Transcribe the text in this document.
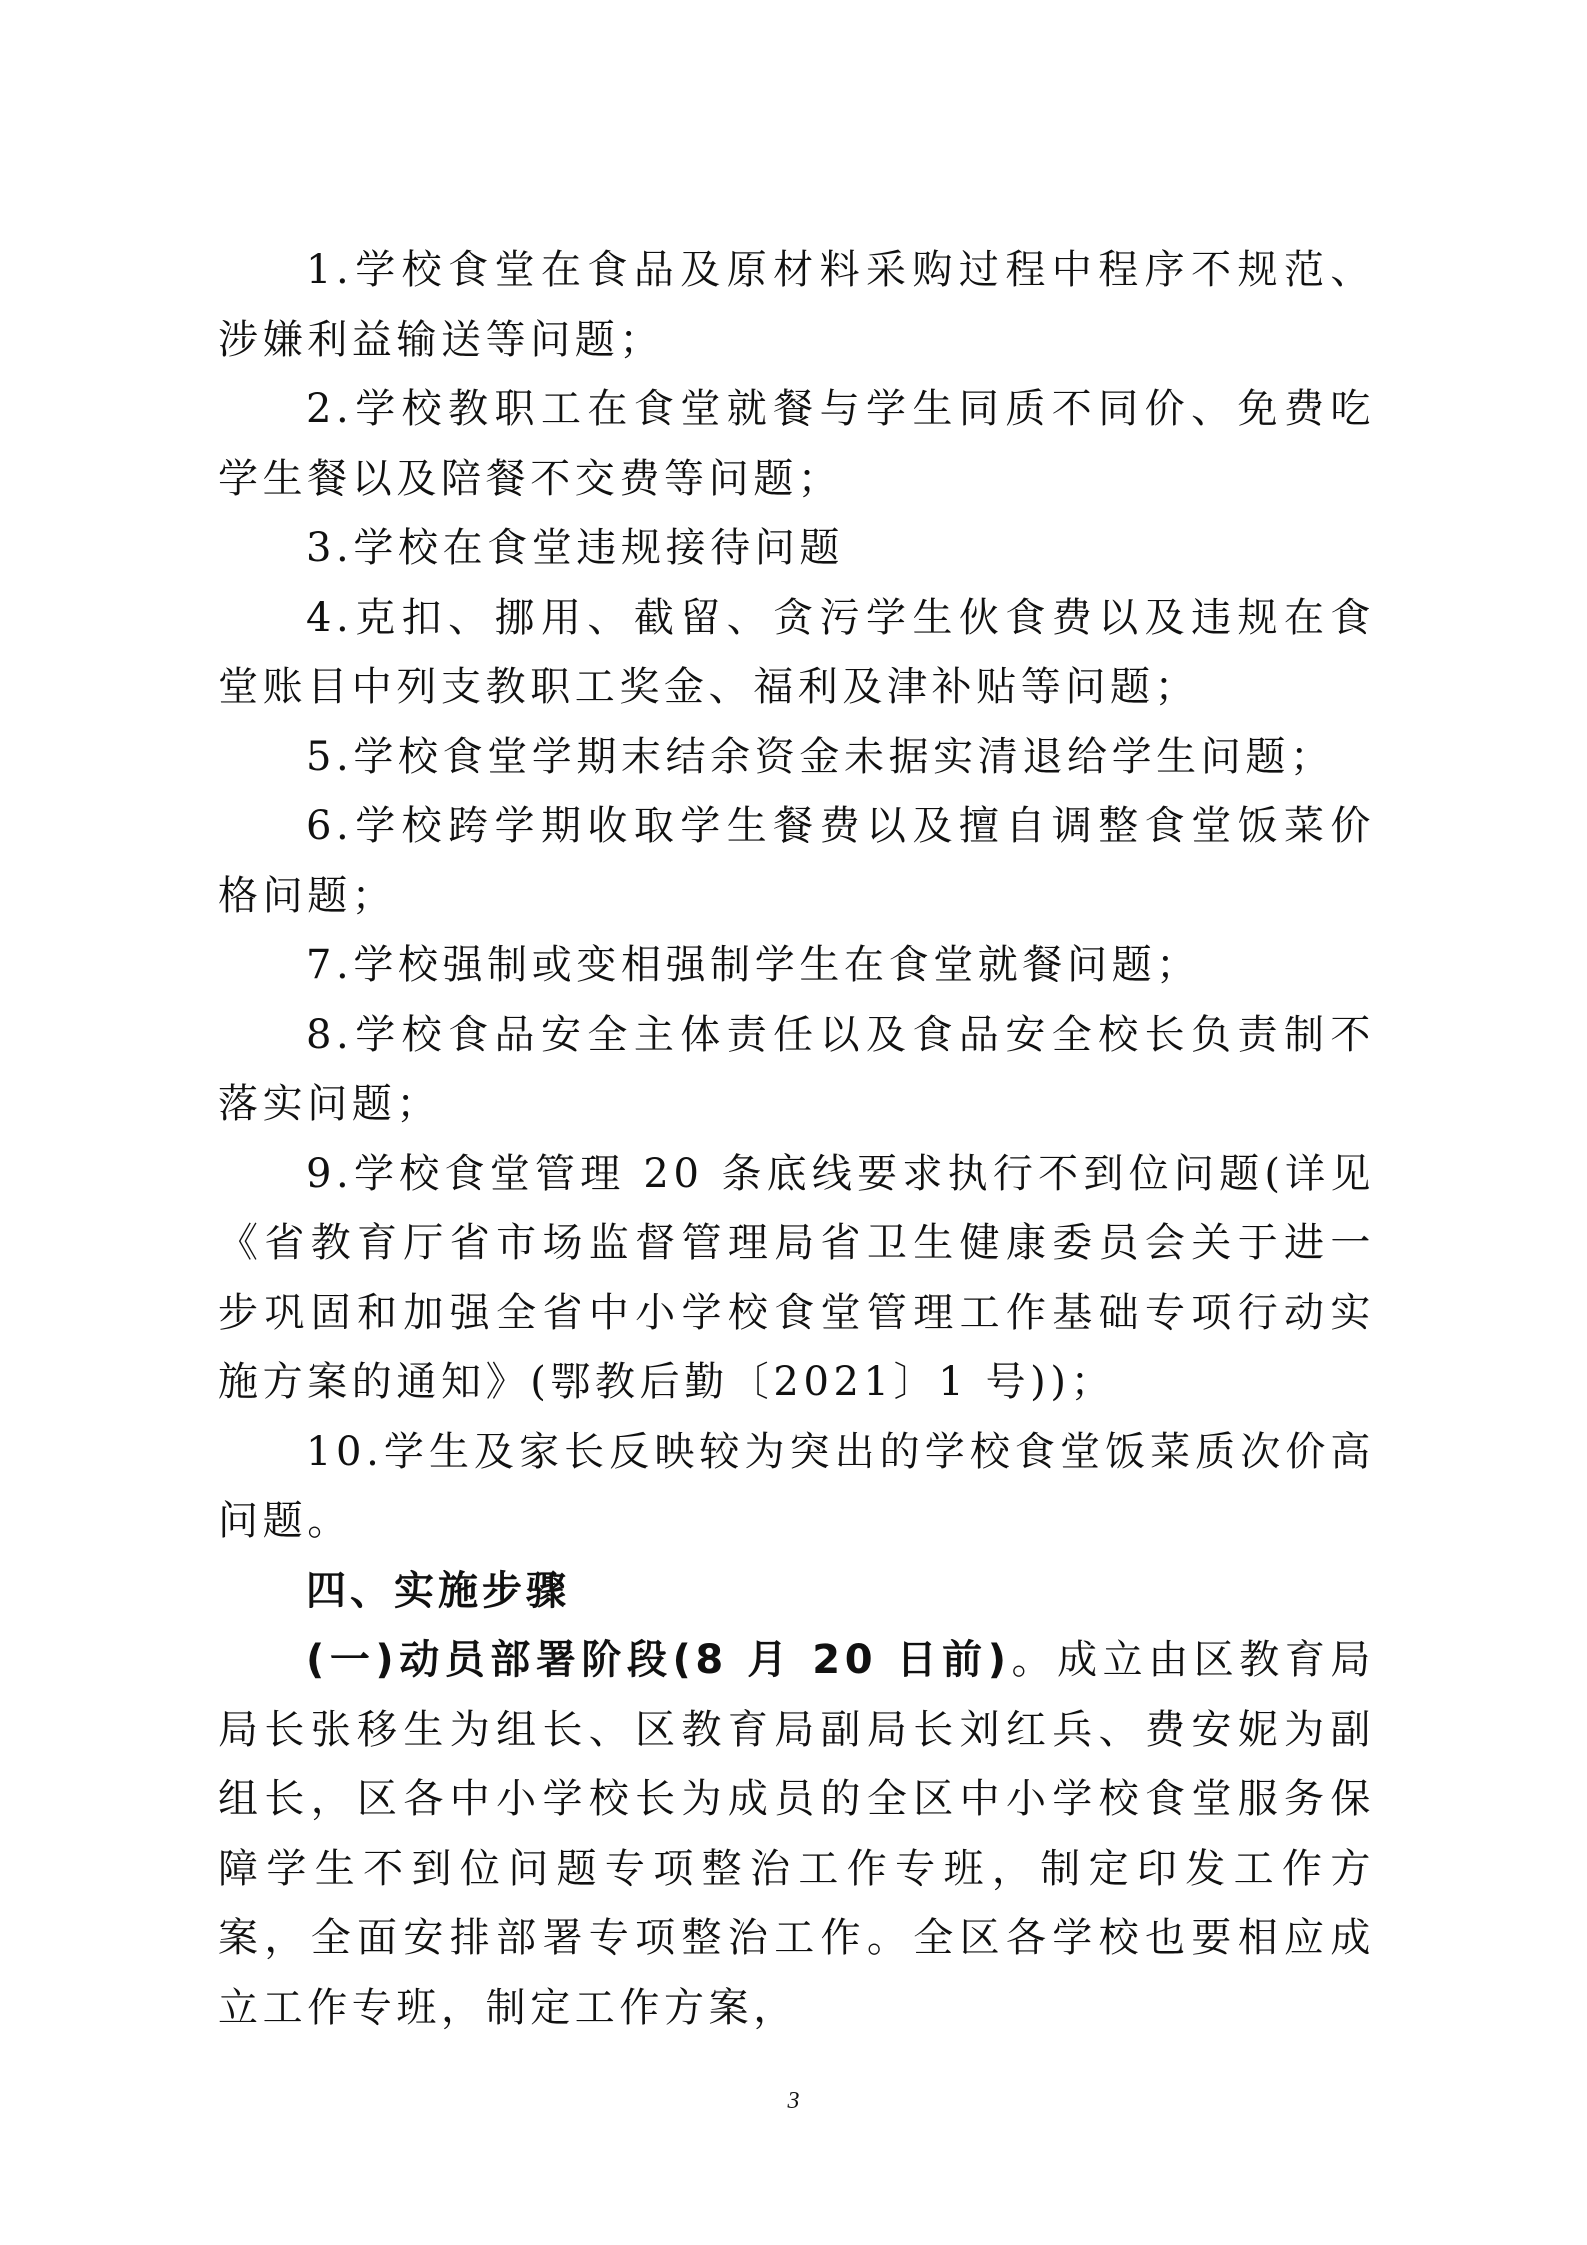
1.学校食堂在食品及原材料采购过程中程序不规范、涉嫌利益输送等问题；

2.学校教职工在食堂就餐与学生同质不同价、免费吃学生餐以及陪餐不交费等问题；

3.学校在食堂违规接待问题

4.克扣、挪用、截留、贪污学生伙食费以及违规在食堂账目中列支教职工奖金、福利及津补贴等问题；

5.学校食堂学期末结余资金未据实清退给学生问题；

6.学校跨学期收取学生餐费以及擅自调整食堂饭菜价格问题；

7.学校强制或变相强制学生在食堂就餐问题；

8.学校食品安全主体责任以及食品安全校长负责制不落实问题；

9.学校食堂管理 20 条底线要求执行不到位问题(详见《省教育厅省市场监督管理局省卫生健康委员会关于进一步巩固和加强全省中小学校食堂管理工作基础专项行动实施方案的通知》(鄂教后勤〔2021〕1 号))；

10.学生及家长反映较为突出的学校食堂饭菜质次价高问题。

四、实施步骤

(一)动员部署阶段(8 月 20 日前)。成立由区教育局局长张移生为组长、区教育局副局长刘红兵、费安妮为副组长，区各中小学校长为成员的全区中小学校食堂服务保障学生不到位问题专项整治工作专班，制定印发工作方案，全面安排部署专项整治工作。全区各学校也要相应成立工作专班，制定工作方案，

3
